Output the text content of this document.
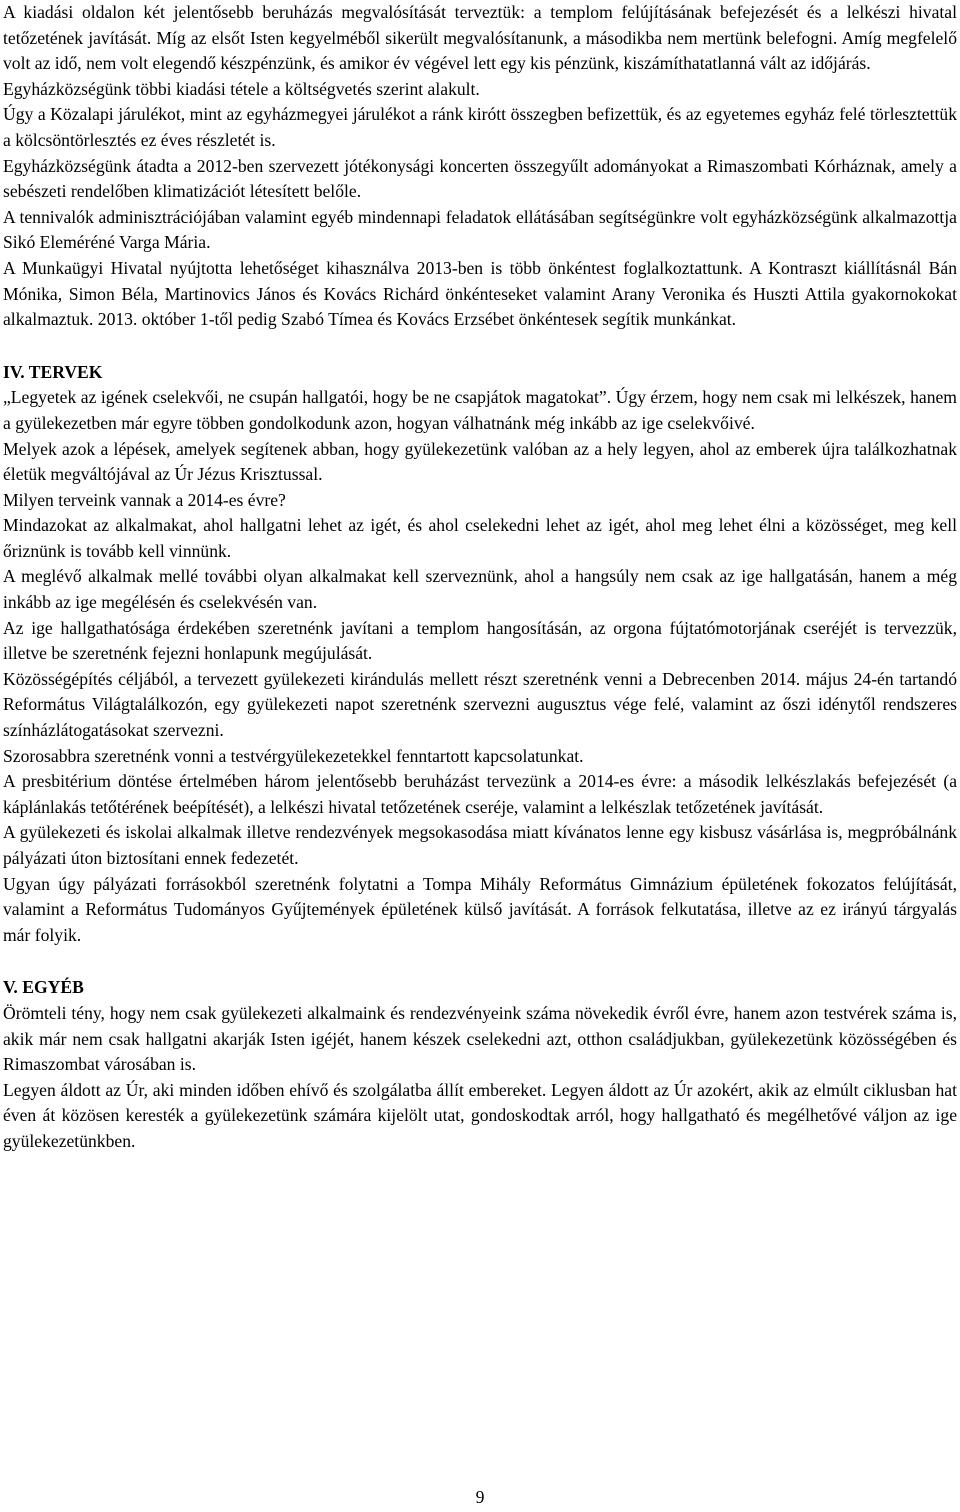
A kiadási oldalon két jelentősebb beruházás megvalósítását terveztük: a templom felújításának befejezését és a lelkészi hivatal tetőzetének javítását. Míg az elsőt Isten kegyelméből sikerült megvalósítanunk, a másodikba nem mertünk belefogni. Amíg megfelelő volt az idő, nem volt elegendő készpénzünk, és amikor év végével lett egy kis pénzünk, kiszámíthatatlanná vált az időjárás.

Egyházközségünk többi kiadási tétele a költségvetés szerint alakult.

Úgy a Közalapi járulékot, mint az egyházmegyei járulékot a ránk kirótt összegben befizettük, és az egyetemes egyház felé törlesztettük a kölcsöntörlesztés ez éves részletét is.

Egyházközségünk átadta a 2012-ben szervezett jótékonysági koncerten összegyűlt adományokat a Rimaszombati Kórháznak, amely a sebészeti rendelőben klimatizációt létesített belőle.

A tennivalók adminisztrációjában valamint egyéb mindennapi feladatok ellátásában segítségünkre volt egyházközségünk alkalmazottja Sikó Eleméréné Varga Mária.

A Munkaügyi Hivatal nyújtotta lehetőséget kihasználva 2013-ben is több önkéntest foglalkoztattunk. A Kontraszt kiállításnál Bán Mónika, Simon Béla, Martinovics János és Kovács Richárd önkénteseket valamint Arany Veronika és Huszti Attila gyakornokokat alkalmaztuk. 2013. október 1-től pedig Szabó Tímea és Kovács Erzsébet önkéntesek segítik munkánkat.

IV. TERVEK

„Legyetek az igének cselekvői, ne csupán hallgatói, hogy be ne csapjátok magatokat”. Úgy érzem, hogy nem csak mi lelkészek, hanem a gyülekezetben már egyre többen gondolkodunk azon, hogyan válhatnánk még inkább az ige cselekvőivé.

Melyek azok a lépések, amelyek segítenek abban, hogy gyülekezetünk valóban az a hely legyen, ahol az emberek újra találkozhatnak életük megváltójával az Úr Jézus Krisztussal.

Milyen terveink vannak a 2014-es évre?

Mindazokat az alkalmakat, ahol hallgatni lehet az igét, és ahol cselekedni lehet az igét, ahol meg lehet élni a közösséget, meg kell őriznünk is tovább kell vinnünk.

A meglévő alkalmak mellé további olyan alkalmakat kell szerveznünk, ahol a hangsúly nem csak az ige hallgatásán, hanem a még inkább az ige megélésén és cselekvésén van.

Az ige hallgathatósága érdekében szeretnénk javítani a templom hangosításán, az orgona fújtatómotorjának cseréjét is tervezzük, illetve be szeretnénk fejezni honlapunk megújulását.

Közösségépítés céljából, a tervezett gyülekezeti kirándulás mellett részt szeretnénk venni a Debrecenben 2014. május 24-én tartandó Református Világtalálkozón, egy gyülekezeti napot szeretnénk szervezni augusztus vége felé, valamint az őszi idénytől rendszeres színházlátogatásokat szervezni.

Szorosabbra szeretnénk vonni a testvérgyülekezetekkel fenntartott kapcsolatunkat.

A presbitérium döntése értelmében három jelentősebb beruházást tervezünk a 2014-es évre: a második lelkészlakás befejezését (a káplánlakás tetőtérének beépítését), a lelkészi hivatal tetőzetének cseréje, valamint a lelkészlak tetőzetének javítását.

A gyülekezeti és iskolai alkalmak illetve rendezvények megsokasodása miatt kívánatos lenne egy kisbusz vásárlása is, megpróbálnánk pályázati úton biztosítani ennek fedezetét.

Ugyan úgy pályázati forrásokból szeretnénk folytatni a Tompa Mihály Református Gimnázium épületének fokozatos felújítását, valamint a Református Tudományos Gyűjtemények épületének külső javítását. A források felkutatása, illetve az ez irányú tárgyalás már folyik.

V. EGYÉB

Örömteli tény, hogy nem csak gyülekezeti alkalmaink és rendezvényeink száma növekedik évről évre, hanem azon testvérek száma is, akik már nem csak hallgatni akarják Isten igéjét, hanem készek cselekedni azt, otthon családjukban, gyülekezetünk közösségében és Rimaszombat városában is.

Legyen áldott az Úr, aki minden időben ehívő és szolgálatba állít embereket. Legyen áldott az Úr azokért, akik az elmúlt ciklusban hat éven át közösen keresték a gyülekezetünk számára kijelölt utat, gondoskodtak arról, hogy hallgatható és megélhetővé váljon az ige gyülekezetünkben.

9
